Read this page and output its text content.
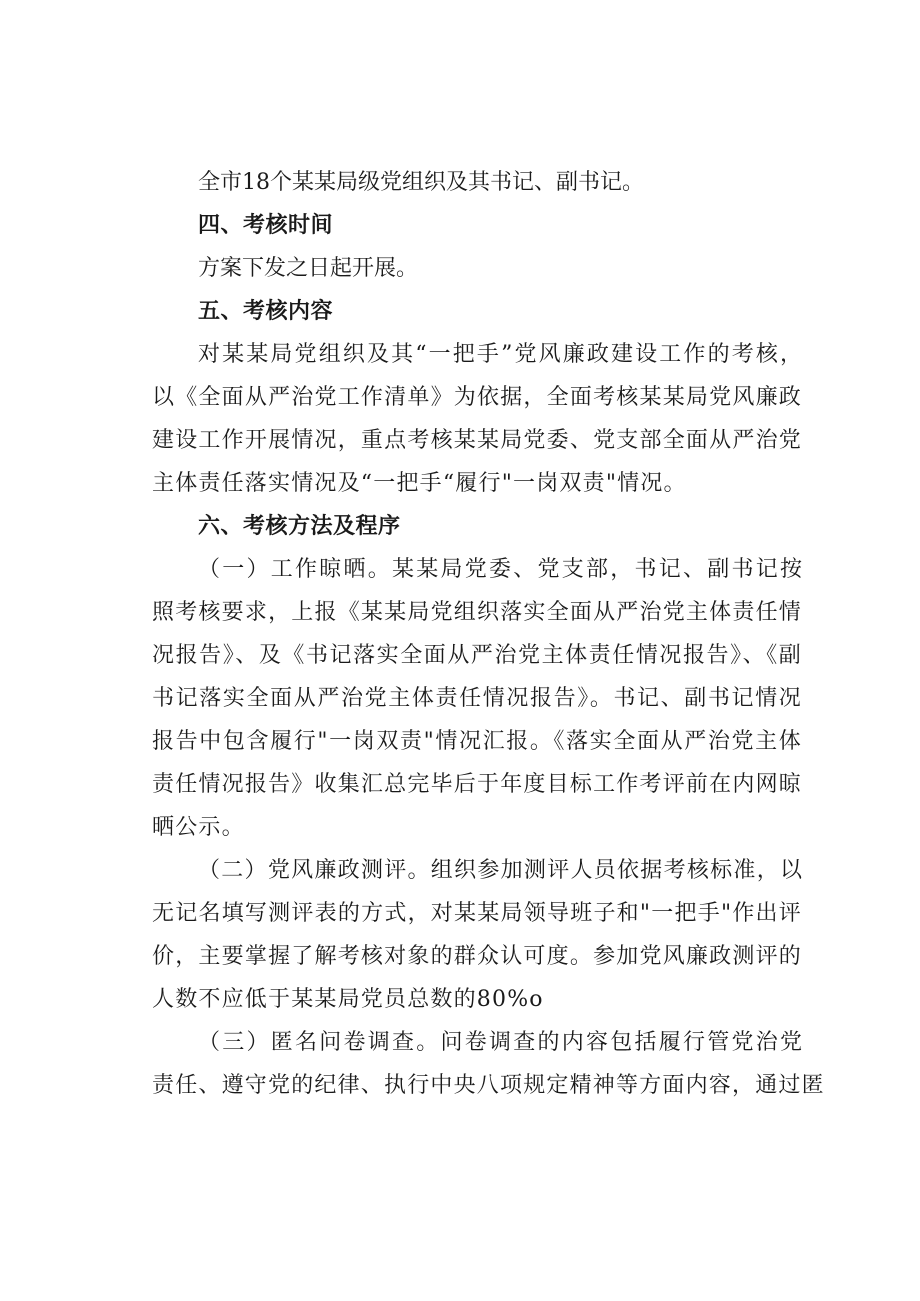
全市18个某某局级党组织及其书记、副书记。
四、考核时间
方案下发之日起开展。
五、考核内容
对某某局党组织及其“一把手”党风廉政建设工作的考核，
以《全面从严治党工作清单》为依据，全面考核某某局党风廉政
建设工作开展情况，重点考核某某局党委、党支部全面从严治党
主体责任落实情况及“一把手“履行"一岗双责"情况。
六、考核方法及程序
（一）工作晾晒。某某局党委、党支部，书记、副书记按
照考核要求，上报《某某局党组织落实全面从严治党主体责任情
况报告》、及《书记落实全面从严治党主体责任情况报告》、《副
书记落实全面从严治党主体责任情况报告》。书记、副书记情况
报告中包含履行"一岗双责"情况汇报。《落实全面从严治党主体
责任情况报告》收集汇总完毕后于年度目标工作考评前在内网晾
晒公示。
（二）党风廉政测评。组织参加测评人员依据考核标准，以
无记名填写测评表的方式，对某某局领导班子和"一把手"作出评
价，主要掌握了解考核对象的群众认可度。参加党风廉政测评的
人数不应低于某某局党员总数的80%o
（三）匿名问卷调查。问卷调查的内容包括履行管党治党
责任、遵守党的纪律、执行中央八项规定精神等方面内容，通过匿
